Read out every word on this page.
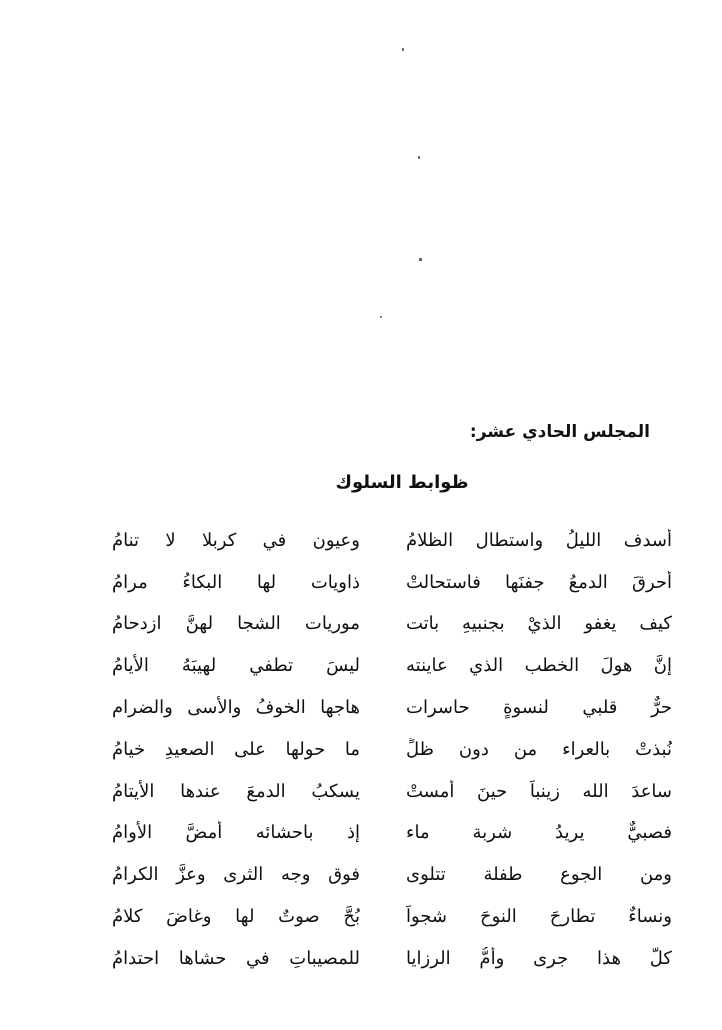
المجلس الحادي عشر:
ظوابط السلوك
أسدف الليلُ واستطال الظلامُ
وعيون في كربلا لا تنامُ
أحرقَ الدمعُ جفنَها فاستحالتْ
ذاويات لها البكاءُ مرامُ
كيف يغفو الذيْ بجنبيهِ باتت
موريات الشجا لهنَّ ازدحامُ
إنَّ هولَ الخطب الذي عاينته
ليسَ تطفي لهيبَهُ الأيامُ
حرٌّ قلبي لنسوةٍ حاسرات
هاجها الخوفُ والأسى والضرام
نُبذتْ بالعراء من دون ظلٍّ
ما حولها على الصعيدِ خيامُ
ساعدَ الله زينباً حينَ أمستْ
يسكبُ الدمعَ عندها الأيتامُ
فصبيٌّ يريدُ شربة ماء
إذ باحشائه أمضَّ الأوامُ
ومن الجوع طفلة تتلوى
فوق وجه الثرى وعزَّ الكرامُ
ونساءٌ تطارحَ النوحَ شجواً
بُحَّ صوتٌ لها وغاضَ كلامُ
كلُّ هذا جرى وأُمُّ الرزايا
للمصيباتِ في حشاها احتدامُ
